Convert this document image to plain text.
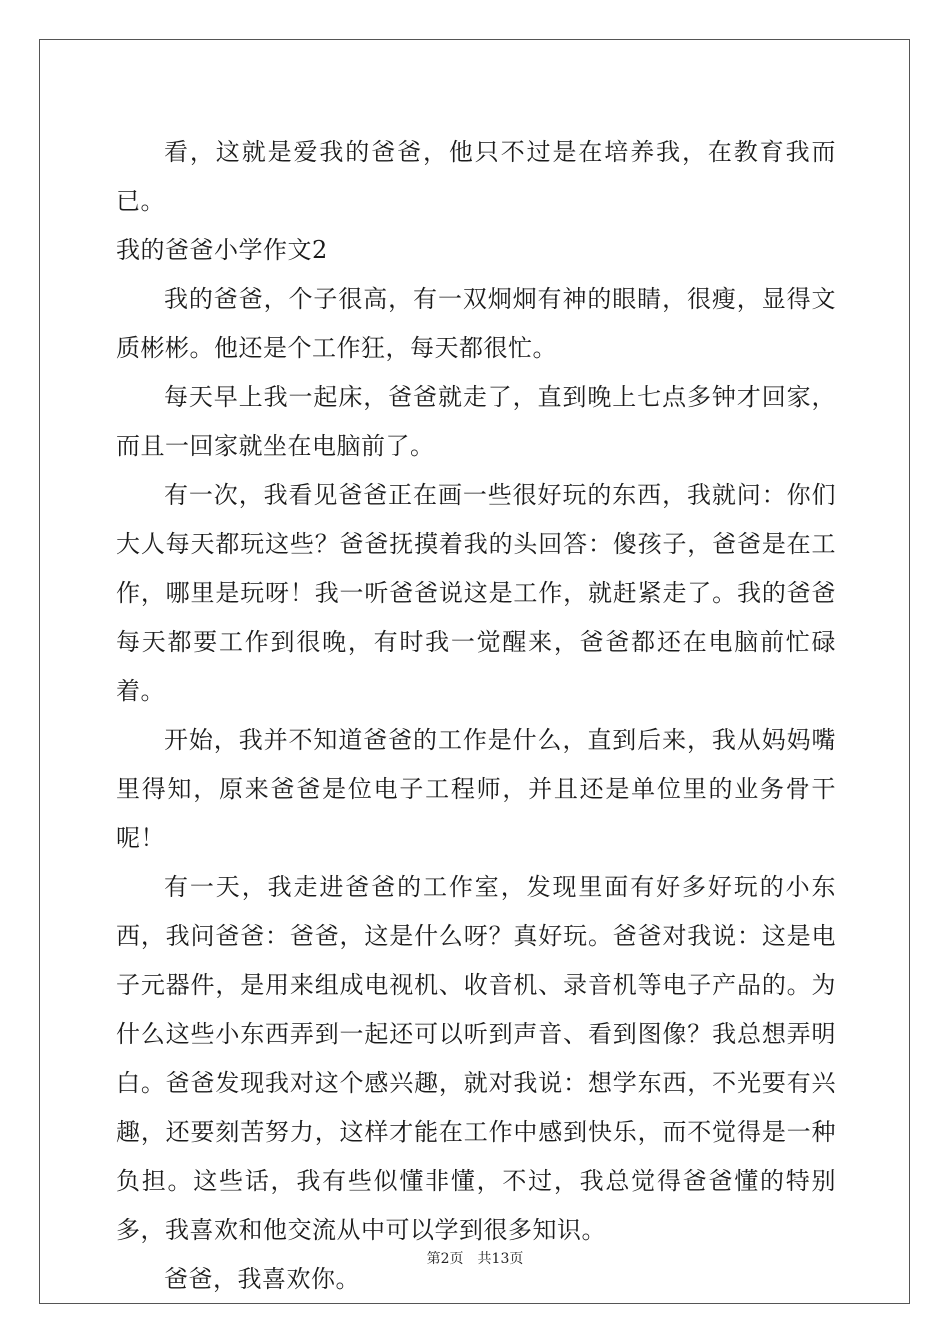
看，这就是爱我的爸爸，他只不过是在培养我，在教育我而已。

我的爸爸小学作文2

我的爸爸，个子很高，有一双炯炯有神的眼睛，很瘦，显得文质彬彬。他还是个工作狂，每天都很忙。

每天早上我一起床，爸爸就走了，直到晚上七点多钟才回家，而且一回家就坐在电脑前了。

有一次，我看见爸爸正在画一些很好玩的东西，我就问：你们大人每天都玩这些？爸爸抚摸着我的头回答：傻孩子，爸爸是在工作，哪里是玩呀！我一听爸爸说这是工作，就赶紧走了。我的爸爸每天都要工作到很晚，有时我一觉醒来，爸爸都还在电脑前忙碌着。

开始，我并不知道爸爸的工作是什么，直到后来，我从妈妈嘴里得知，原来爸爸是位电子工程师，并且还是单位里的业务骨干呢！

有一天，我走进爸爸的工作室，发现里面有好多好玩的小东西，我问爸爸：爸爸，这是什么呀？真好玩。爸爸对我说：这是电子元器件，是用来组成电视机、收音机、录音机等电子产品的。为什么这些小东西弄到一起还可以听到声音、看到图像？我总想弄明白。爸爸发现我对这个感兴趣，就对我说：想学东西，不光要有兴趣，还要刻苦努力，这样才能在工作中感到快乐，而不觉得是一种负担。这些话，我有些似懂非懂，不过，我总觉得爸爸懂的特别多，我喜欢和他交流从中可以学到很多知识。

爸爸，我喜欢你。

第2页　共13页
